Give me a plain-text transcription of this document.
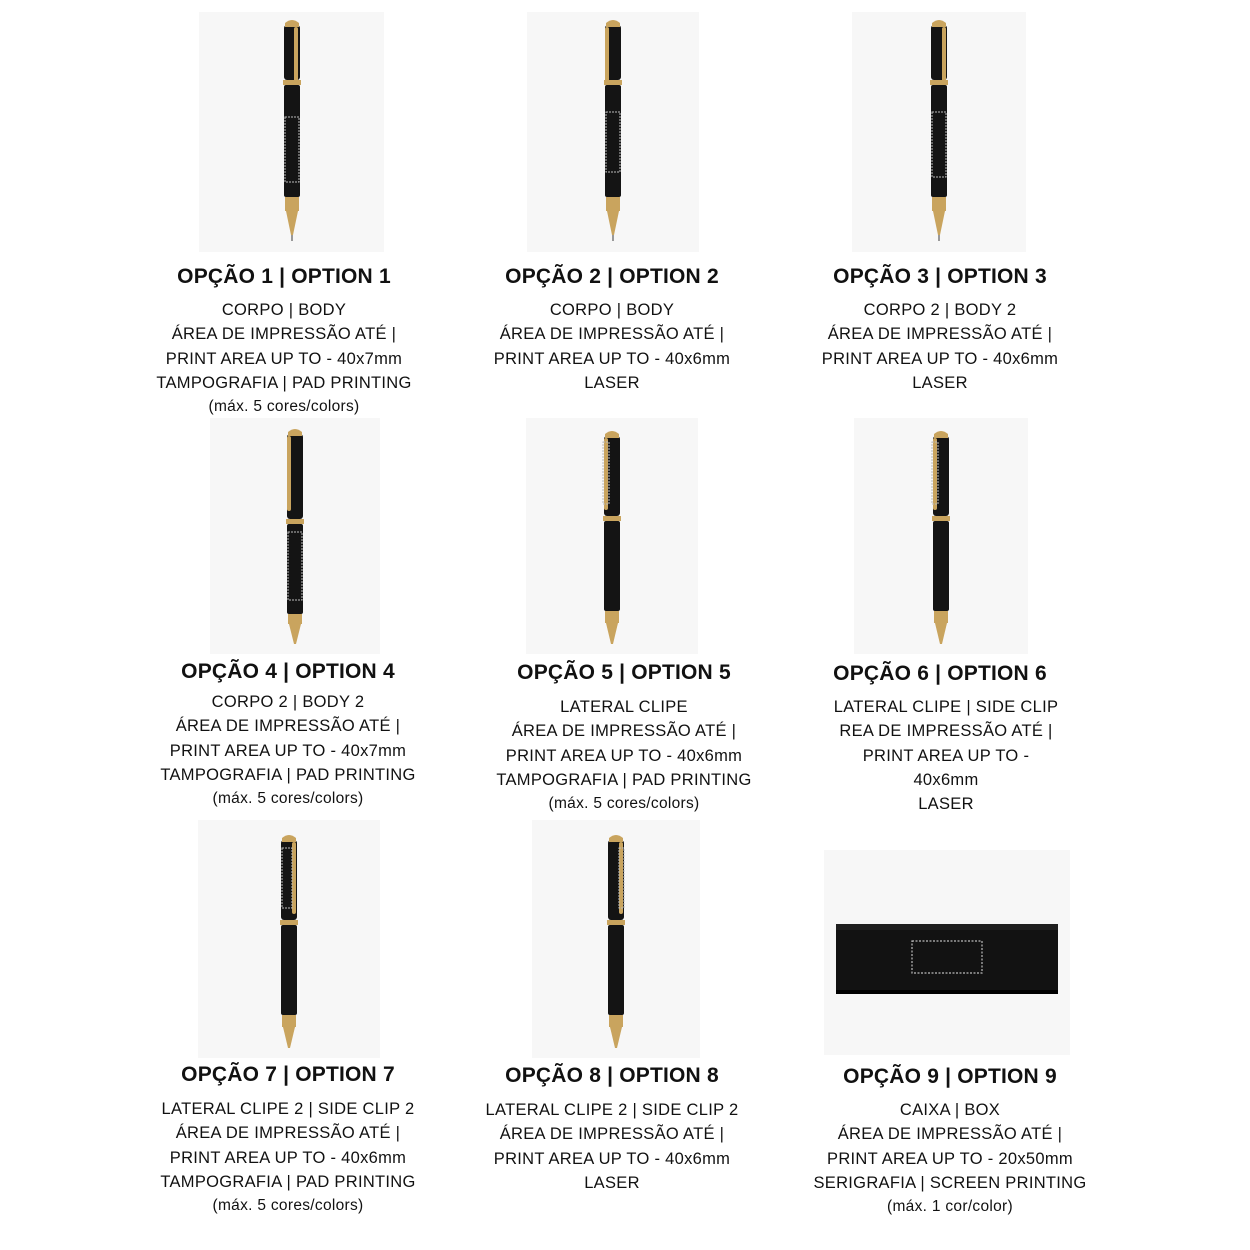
OPÇÃO 1 | OPTION 1
CORPO | BODY
ÁREA DE IMPRESSÃO ATÉ |
PRINT AREA UP TO - 40x7mm
TAMPOGRAFIA | PAD PRINTING
(máx. 5 cores/colors)
OPÇÃO 2 | OPTION 2
CORPO | BODY
ÁREA DE IMPRESSÃO ATÉ |
PRINT AREA UP TO - 40x6mm
LASER
OPÇÃO 3 | OPTION 3
CORPO 2 | BODY 2
ÁREA DE IMPRESSÃO ATÉ |
PRINT AREA UP TO - 40x6mm
LASER
OPÇÃO 4 | OPTION 4
CORPO 2 | BODY 2
ÁREA DE IMPRESSÃO ATÉ |
PRINT AREA UP TO - 40x7mm
TAMPOGRAFIA | PAD PRINTING
(máx. 5 cores/colors)
OPÇÃO 5 | OPTION 5
LATERAL CLIPE
ÁREA DE IMPRESSÃO ATÉ |
PRINT AREA UP TO - 40x6mm
TAMPOGRAFIA | PAD PRINTING
(máx. 5 cores/colors)
OPÇÃO 6 | OPTION 6
LATERAL CLIPE | SIDE CLIP
REA DE IMPRESSÃO ATÉ |
PRINT AREA UP TO -
40x6mm
LASER
OPÇÃO 7 | OPTION 7
LATERAL CLIPE 2 | SIDE CLIP 2
ÁREA DE IMPRESSÃO ATÉ |
PRINT AREA UP TO - 40x6mm
TAMPOGRAFIA | PAD PRINTING
(máx. 5 cores/colors)
OPÇÃO 8 | OPTION 8
LATERAL CLIPE 2 | SIDE CLIP 2
ÁREA DE IMPRESSÃO ATÉ |
PRINT AREA UP TO - 40x6mm
LASER
OPÇÃO 9 | OPTION 9
CAIXA | BOX
ÁREA DE IMPRESSÃO ATÉ |
PRINT AREA UP TO - 20x50mm
SERIGRAFIA | SCREEN PRINTING
(máx. 1 cor/color)
